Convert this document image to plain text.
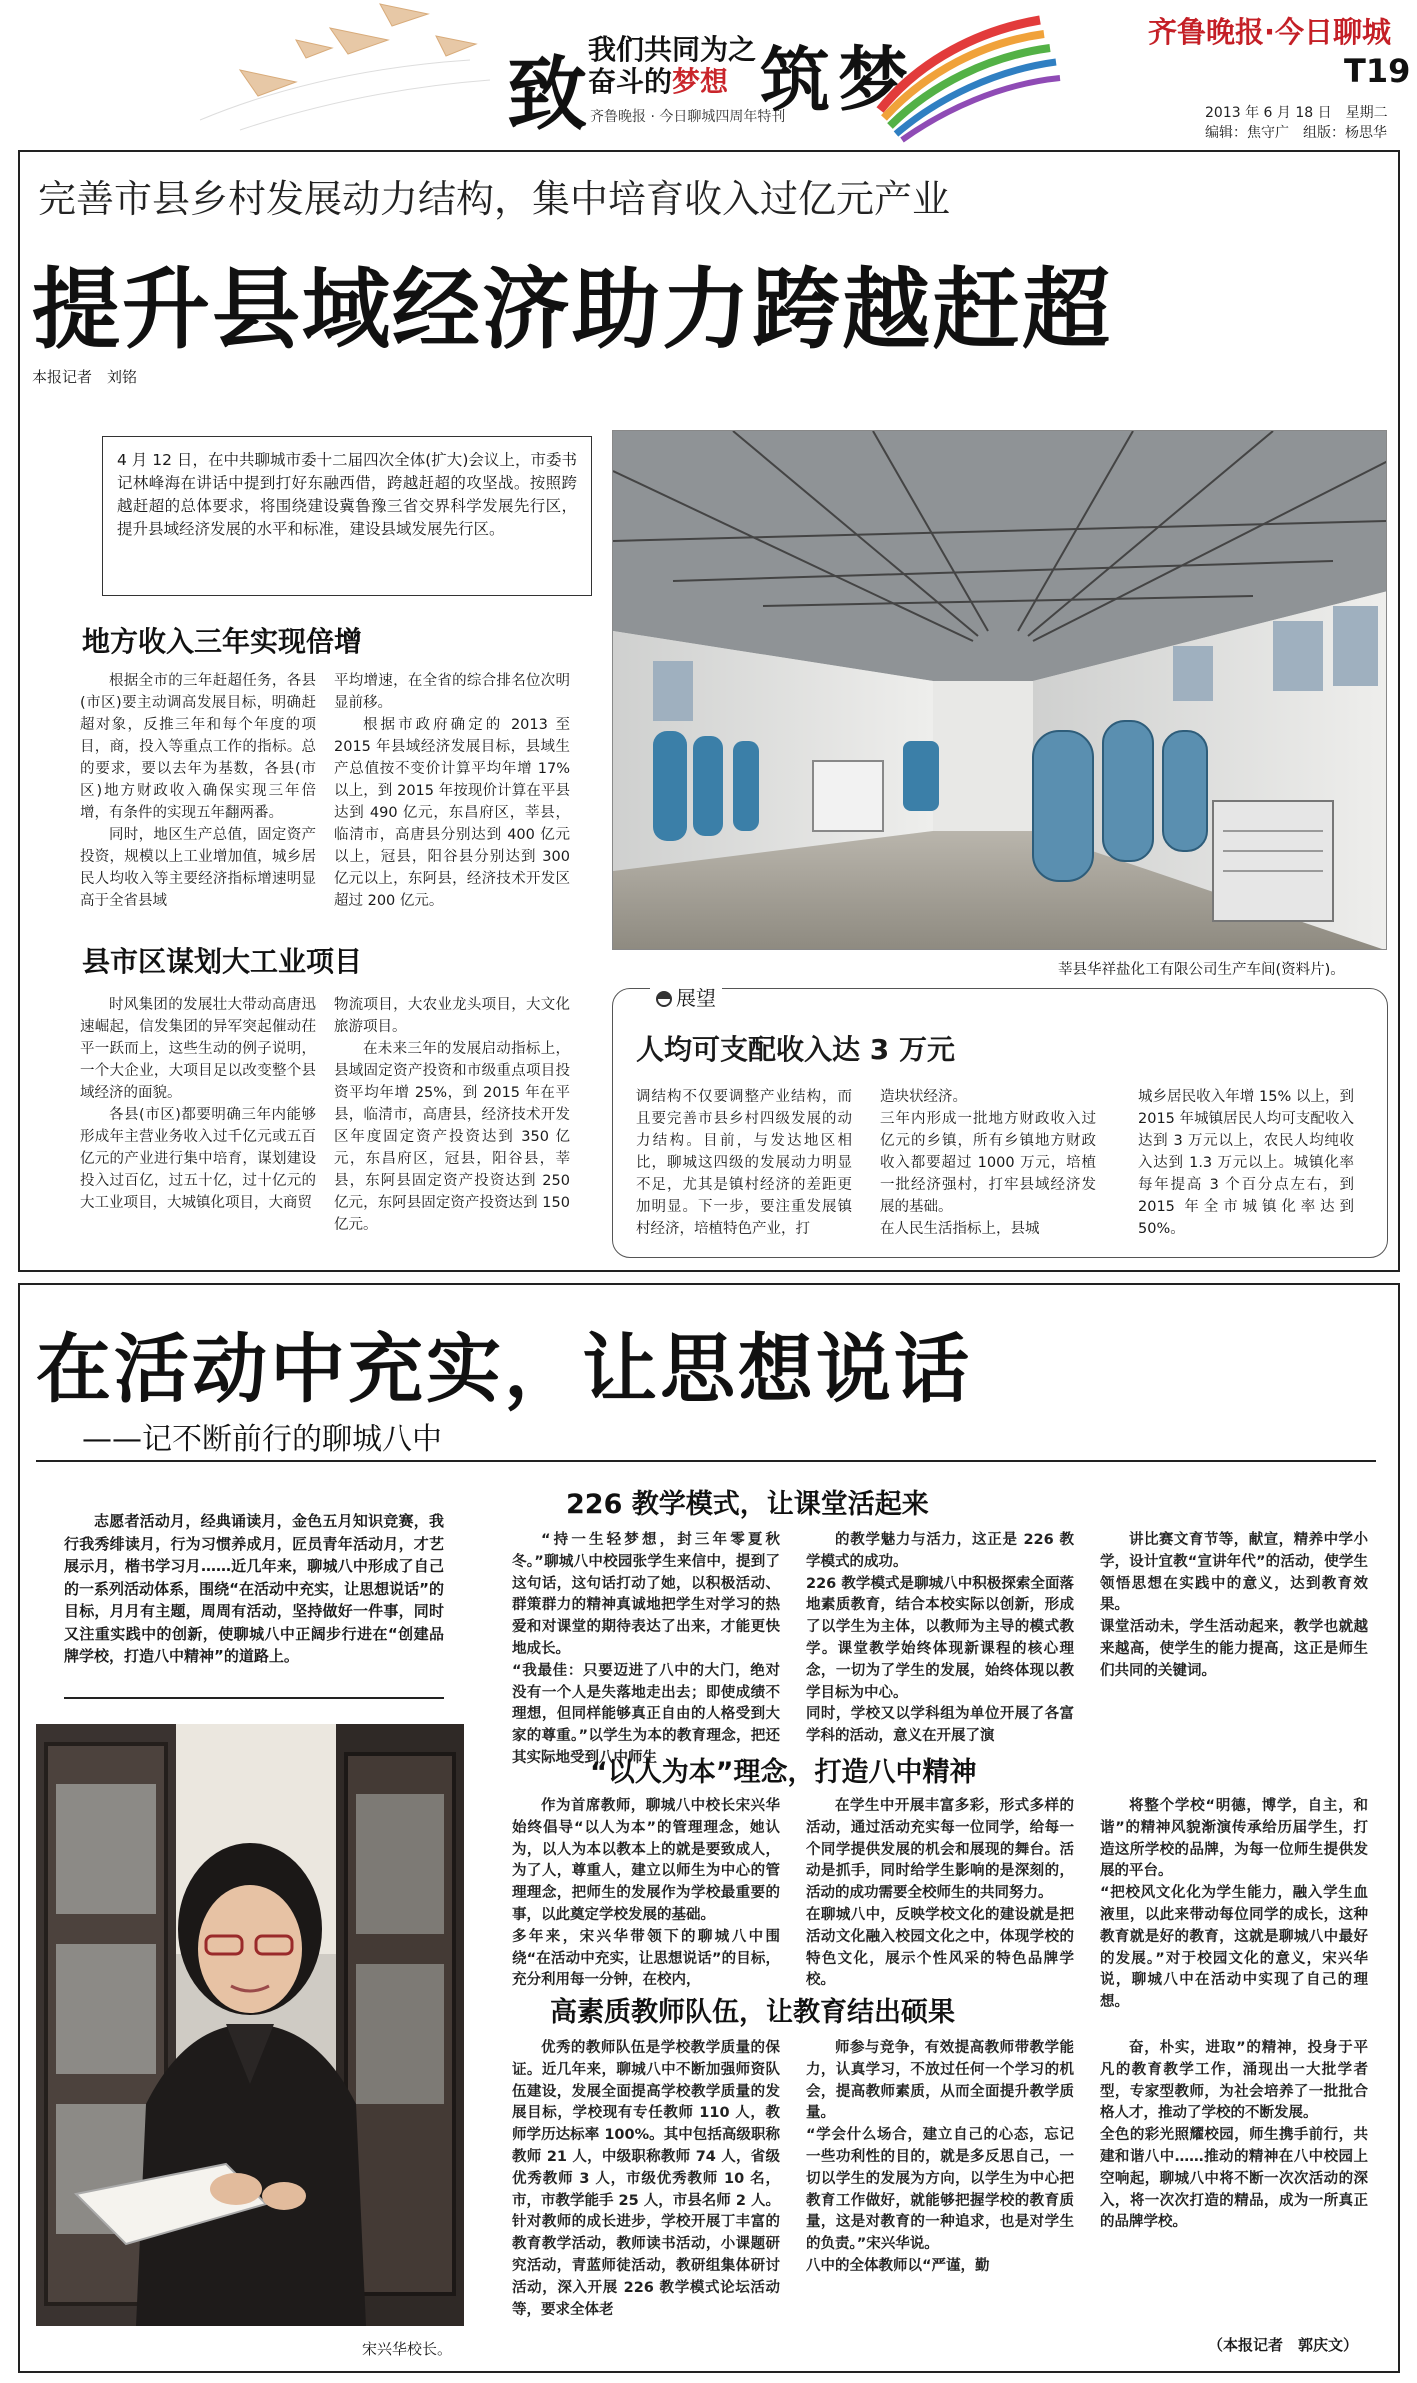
致 我们共同为之
奋斗的梦想
齐鲁晚报 · 今日聊城四周年特刊
筑梦
齐鲁晚报·今日聊城
T19
2013 年 6 月 18 日　星期二
编辑：焦守广　组版：杨思华
完善市县乡村发展动力结构，集中培育收入过亿元产业
提升县域经济助力跨越赶超
本报记者　刘铭
4 月 12 日，在中共聊城市委十二届四次全体(扩大)会议上，市委书记林峰海在讲话中提到打好东融西借，跨越赶超的攻坚战。按照跨越赶超的总体要求，将围绕建设冀鲁豫三省交界科学发展先行区，提升县域经济发展的水平和标准，建设县域发展先行区。
地方收入三年实现倍增

根据全市的三年赶超任务，各县(市区)要主动调高发展目标，明确赶超对象，反推三年和每个年度的项目，商，投入等重点工作的指标。总的要求，要以去年为基数，各县(市区)地方财政收入确保实现三年倍增，有条件的实现五年翻两番。

同时，地区生产总值，固定资产投资，规模以上工业增加值，城乡居民人均收入等主要经济指标增速明显高于全省县域

平均增速，在全省的综合排名位次明显前移。

根据市政府确定的 2013 至 2015 年县域经济发展目标，县域生产总值按不变价计算平均年增 17% 以上，到 2015 年按现价计算在平县达到 490 亿元，东昌府区，莘县，临清市，高唐县分别达到 400 亿元以上，冠县，阳谷县分别达到 300 亿元以上，东阿县，经济技术开发区超过 200 亿元。

县市区谋划大工业项目

时风集团的发展壮大带动高唐迅速崛起，信发集团的异军突起催动茌平一跃而上，这些生动的例子说明，一个大企业，大项目足以改变整个县域经济的面貌。

各县(市区)都要明确三年内能够形成年主营业务收入过千亿元或五百亿元的产业进行集中培育，谋划建设投入过百亿，过五十亿，过十亿元的大工业项目，大城镇化项目，大商贸

物流项目，大农业龙头项目，大文化旅游项目。

在未来三年的发展启动指标上，县域固定资产投资和市级重点项目投资平均年增 25%，到 2015 年在平县，临清市，高唐县，经济技术开发区年度固定资产投资达到 350 亿元，东昌府区，冠县，阳谷县，莘县，东阿县固定资产投资达到 250 亿元，东阿县固定资产投资达到 150 亿元。

莘县华祥盐化工有限公司生产车间(资料片)。
展望
人均可支配收入达 3 万元
调结构不仅要调整产业结构，而且要完善市县乡村四级发展的动力结构。目前，与发达地区相比，聊城这四级的发展动力明显不足，尤其是镇村经济的差距更加明显。下一步，要注重发展镇村经济，培植特色产业，打
造块状经济。
三年内形成一批地方财政收入过亿元的乡镇，所有乡镇地方财政收入都要超过 1000 万元，培植一批经济强村，打牢县域经济发展的基础。
在人民生活指标上，县城
城乡居民收入年增 15% 以上，到 2015 年城镇居民人均可支配收入达到 3 万元以上，农民人均纯收入达到 1.3 万元以上。城镇化率每年提高 3 个百分点左右，到 2015 年全市城镇化率达到 50%。
在活动中充实，让思想说话
——记不断前行的聊城八中
志愿者活动月，经典诵读月，金色五月知识竞赛，我行我秀绯读月，行为习惯养成月，匠员青年活动月，才艺展示月，楷书学习月……近几年来，聊城八中形成了自己的一系列活动体系，围绕“在活动中充实，让思想说话”的目标，月月有主题，周周有活动，坚持做好一件事，同时又注重实践中的创新，使聊城八中正阔步行进在“创建品牌学校，打造八中精神”的道路上。
宋兴华校长。
226 教学模式，让课堂活起来
“持一生轻梦想，封三年零夏秋冬。”聊城八中校园张学生来信中，提到了这句话，这句话打动了她，以积极活动、群策群力的精神真诚地把学生对学习的热爱和对课堂的期待表达了出来，才能更快地成长。
“我最佳：只要迈进了八中的大门，绝对没有一个人是失落地走出去；即使成绩不理想，但同样能够真正自由的人格受到大家的尊重。”以学生为本的教育理念，把还其实际地受到八中师生
的教学魅力与活力，这正是 226 教学模式的成功。
226 教学模式是聊城八中积极探索全面落地素质教育，结合本校实际以创新，形成了以学生为主体，以教师为主导的模式教学。课堂教学始终体现新课程的核心理念，一切为了学生的发展，始终体现以教学目标为中心。
同时，学校又以学科组为单位开展了各富学科的活动，意义在开展了演
讲比赛文育节等，献宣，精养中学小学，设计宜教“宣讲年代”的活动，使学生领悟思想在实践中的意义，达到教育效果。
课堂活动未，学生活动起来，教学也就越来越高，使学生的能力提高，这正是师生们共同的关键词。
“以人为本”理念，打造八中精神
作为首席教师，聊城八中校长宋兴华始终倡导“以人为本”的管理理念，她认为，以人为本以教本上的就是要致成人，为了人，尊重人，建立以师生为中心的管理理念，把师生的发展作为学校最重要的事，以此奠定学校发展的基础。
多年来，宋兴华带领下的聊城八中围绕“在活动中充实，让思想说话”的目标，充分利用每一分钟，在校内，
在学生中开展丰富多彩，形式多样的活动，通过活动充实每一位同学，给每一个同学提供发展的机会和展现的舞台。活动是抓手，同时给学生影响的是深刻的，活动的成功需要全校师生的共同努力。
在聊城八中，反映学校文化的建设就是把活动文化融入校园文化之中，体现学校的特色文化，展示个性风采的特色品牌学校。
将整个学校“明德，博学，自主，和谐”的精神风貌渐演传承给历届学生，打造这所学校的品牌，为每一位师生提供发展的平台。
“把校风文化化为学生能力，融入学生血液里，以此来带动每位同学的成长，这种教育就是好的教育，这就是聊城八中最好的发展。”对于校园文化的意义，宋兴华说，聊城八中在活动中实现了自己的理想。
高素质教师队伍，让教育结出硕果
优秀的教师队伍是学校教学质量的保证。近几年来，聊城八中不断加强师资队伍建设，发展全面提高学校教学质量的发展目标，学校现有专任教师 110 人，教师学历达标率 100%。其中包括高级职称教师 21 人，中级职称教师 74 人，省级优秀教师 3 人，市级优秀教师 10 名，市，市教学能手 25 人，市县名师 2 人。
针对教师的成长进步，学校开展丁丰富的教育教学活动，教师读书活动，小课题研究活动，青蓝师徒活动，教研组集体研讨活动，深入开展 226 教学模式论坛活动等，要求全体老
师参与竞争，有效提高教师带教学能力，认真学习，不放过任何一个学习的机会，提高教师素质，从而全面提升教学质量。
“学会什么场合，建立自己的心态，忘记一些功利性的目的，就是多反思自己，一切以学生的发展为方向，以学生为中心把教育工作做好，就能够把握学校的教育质量，这是对教育的一种追求，也是对学生的负责。”宋兴华说。
八中的全体教师以“严谨，勤
奋，朴实，进取”的精神，投身于平凡的教育教学工作，涌现出一大批学者型，专家型教师，为社会培养了一批批合格人才，推动了学校的不断发展。
全色的彩光照耀校园，师生携手前行，共建和谐八中……推动的精神在八中校园上空响起，聊城八中将不断一次次活动的深入，将一次次打造的精品，成为一所真正的品牌学校。
（本报记者　郭庆文）
